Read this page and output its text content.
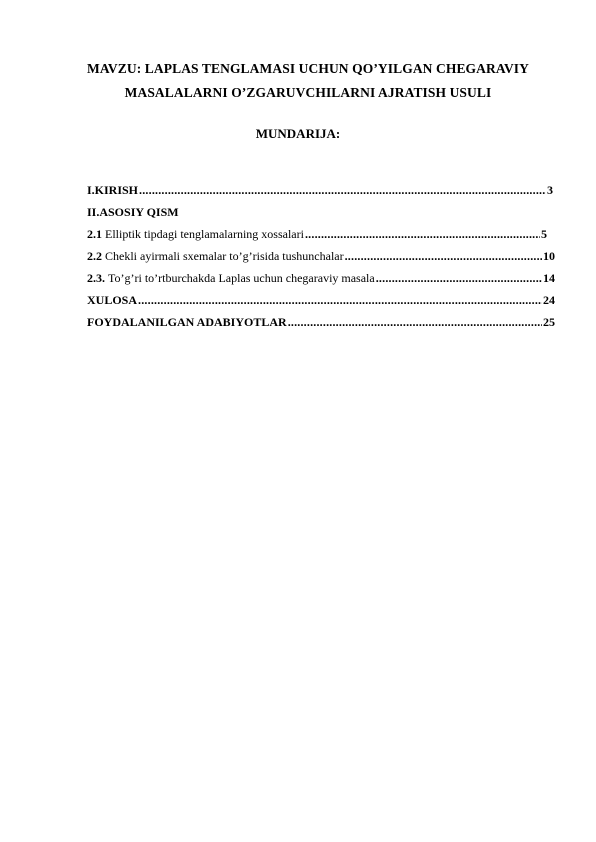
MAVZU: LAPLAS TENGLAMASI UCHUN QO’YILGAN CHEGARAVIY
MASALALARNI O’ZGARUVCHILARNI AJRATISH USULI
MUNDARIJA:
I.KIRISH .....	3
II.ASOSIY QISM
2.1 Elliptik tipdagi tenglamalarning xossalari .....	5
2.2 Chekli ayirmali sxemalar to’g’risida tushunchalar .....	10
2.3. To’g’ri to’rtburchakda Laplas uchun chegaraviy masala .....	14
XULOSA .....	24
FOYDALANILGAN ADABIYOTLAR .....	25
